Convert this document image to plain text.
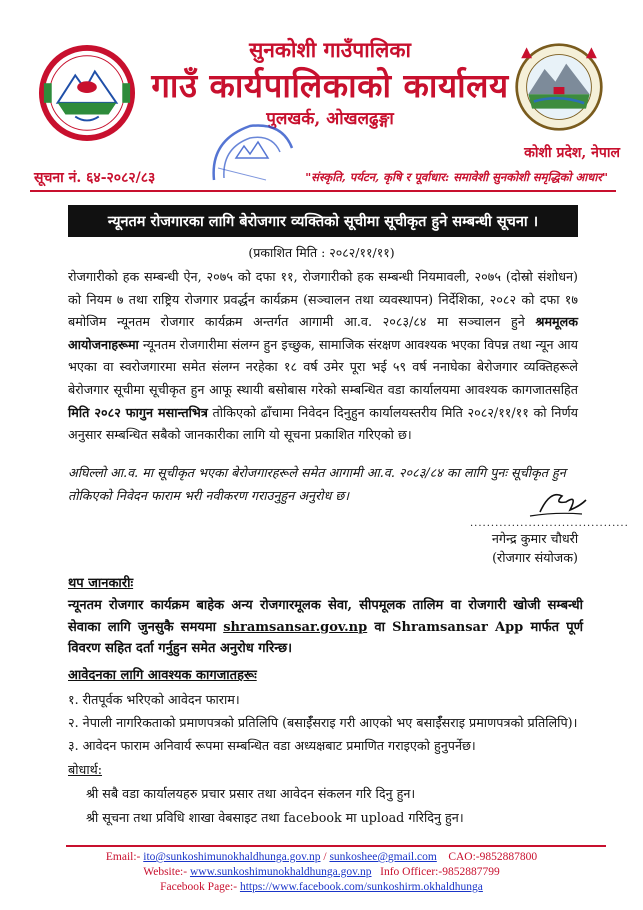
सुनकोशी गाउँपालिका
गाउँ कार्यपालिकाको कार्यालय
पुलखर्क, ओखलढुङ्गा
कोशी प्रदेश, नेपाल
सूचना नं. ६४-२०८२/८३	"संस्कृति, पर्यटन, कृषि र पूर्वाधार: समावेशी सुनकोशी समृद्धिको आधार"
न्यूनतम रोजगारका लागि बेरोजगार व्यक्तिको सूचीमा सूचीकृत हुने सम्बन्धी सूचना ।
(प्रकाशित मिति : २०८२/११/११)
रोजगारीको हक सम्बन्धी ऐन, २०७५ को दफा ११, रोजगारीको हक सम्बन्धी नियमावली, २०७५ (दोस्रो संशोधन) को नियम ७ तथा राष्ट्रिय रोजगार प्रवर्द्धन कार्यक्रम (सञ्चालन तथा व्यवस्थापन) निर्देशिका, २०८२ को दफा १७ बमोजिम न्यूनतम रोजगार कार्यक्रम अन्तर्गत आगामी आ.व. २०८३/८४ मा सञ्चालन हुने श्रममूलक आयोजनाहरूमा न्यूनतम रोजगारीमा संलग्न हुन इच्छुक, सामाजिक संरक्षण आवश्यक भएका विपन्न तथा न्यून आय भएका वा स्वरोजगारमा समेत संलग्न नरहेका १८ वर्ष उमेर पूरा भई ५९ वर्ष ननाघेका बेरोजगार व्यक्तिहरूले बेरोजगार सूचीमा सूचीकृत हुन आफू स्थायी बसोबास गरेको सम्बन्धित वडा कार्यालयमा आवश्यक कागजातसहित मिति २०८२ फागुन मसान्तभित्र तोकिएको ढाँचामा निवेदन दिनुहुन कार्यालयस्तरीय मिति २०८२/११/११ को निर्णय अनुसार सम्बन्धित सबैको जानकारीका लागि यो सूचना प्रकाशित गरिएको छ।
अघिल्लो आ.व. मा सूचीकृत भएका बेरोजगारहरूले समेत आगामी आ.व. २०८३/८४ का लागि पुनः सूचीकृत हुन तोकिएको निवेदन फाराम भरी नवीकरण गराउनुहुन अनुरोध छ।
......................................
नगेन्द्र कुमार चौधरी
(रोजगार संयोजक)
थप जानकारीः
न्यूनतम रोजगार कार्यक्रम बाहेक अन्य रोजगारमूलक सेवा, सीपमूलक तालिम वा रोजगारी खोजी सम्बन्धी सेवाका लागि जुनसुकै समयमा shramsansar.gov.np वा Shramsansar App मार्फत पूर्ण विवरण सहित दर्ता गर्नुहुन समेत अनुरोध गरिन्छ।
आवेदनका लागि आवश्यक कागजातहरूः
१. रीतपूर्वक भरिएको आवेदन फाराम।
२. नेपाली नागरिकताको प्रमाणपत्रको प्रतिलिपि (बसाईँसराइ गरी आएको भए बसाईँसराइ प्रमाणपत्रको प्रतिलिपि)।
३. आवेदन फाराम अनिवार्य रूपमा सम्बन्धित वडा अध्यक्षबाट प्रमाणित गराइएको हुनुपर्नेछ।
बोधार्थ:
श्री सबै वडा कार्यालयहरु प्रचार प्रसार तथा आवेदन संकलन गरि दिनु हुन।
श्री सूचना तथा प्रविधि शाखा वेबसाइट तथा facebook मा upload गरिदिनु हुन।
Email:- ito@sunkoshimunokhaldhunga.gov.np / sunkoshee@gmail.com CAO:-9852887800
Website:- www.sunkoshimunokhaldhunga.gov.np Info Officer:-9852887799
Facebook Page:- https://www.facebook.com/sunkoshirm.okhaldhunga
